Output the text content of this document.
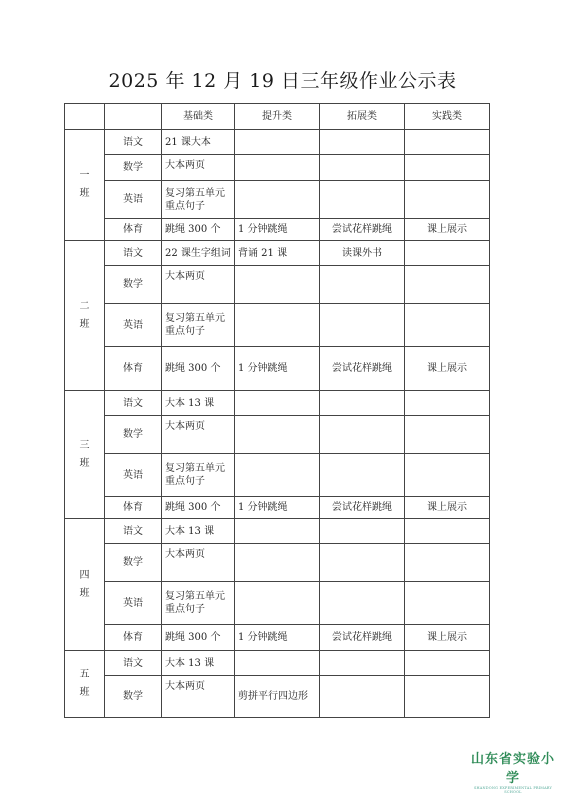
2025 年 12 月 19 日三年级作业公示表
		基础类	提升类	拓展类	实践类

一
班	语文	21 课大本			
	数学	大本两页			
	英语	复习第五单元重点句子			
	体育	跳绳 300 个	1 分钟跳绳	尝试花样跳绳	课上展示

二
班	语文	22 课生字组词	背诵 21 课	读课外书	
	数学	大本两页			
	英语	复习第五单元重点句子			
	体育	跳绳 300 个	1 分钟跳绳	尝试花样跳绳	课上展示

三
班	语文	大本 13 课			
	数学	大本两页			
	英语	复习第五单元重点句子			
	体育	跳绳 300 个	1 分钟跳绳	尝试花样跳绳	课上展示

四
班	语文	大本 13 课			
	数学	大本两页			
	英语	复习第五单元重点句子			
	体育	跳绳 300 个	1 分钟跳绳	尝试花样跳绳	课上展示

五
班	语文	大本 13 课			
	数学	大本两页	剪拼平行四边形		
山东省实验小学
SHANDONG EXPERIMENTAL PRIMARY SCHOOL
